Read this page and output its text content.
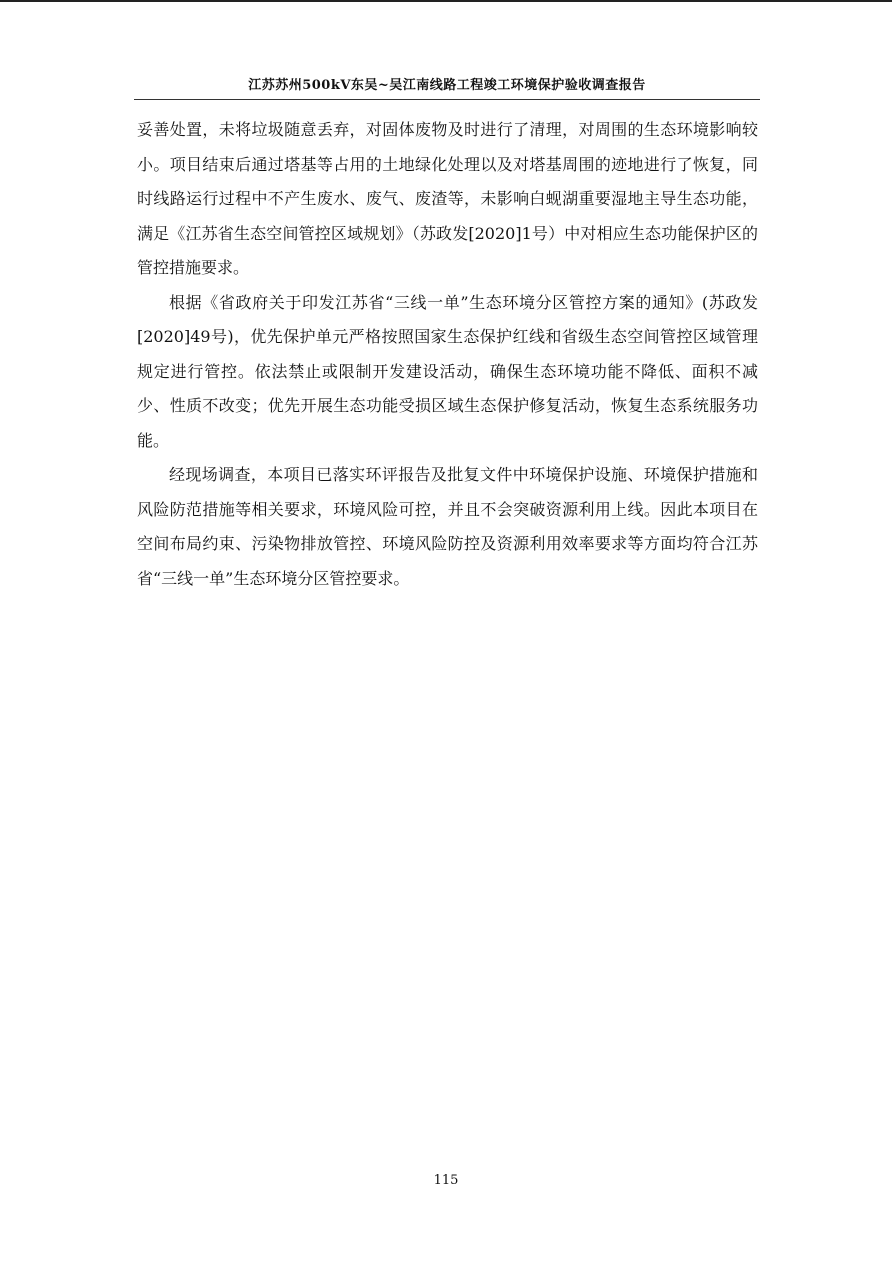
江苏苏州500kV东吴~吴江南线路工程竣工环境保护验收调查报告

妥善处置，未将垃圾随意丢弃，对固体废物及时进行了清理，对周围的生态环境影响较小。项目结束后通过塔基等占用的土地绿化处理以及对塔基周围的迹地进行了恢复，同时线路运行过程中不产生废水、废气、废渣等，未影响白蚬湖重要湿地主导生态功能，满足《江苏省生态空间管控区域规划》（苏政发[2020]1号）中对相应生态功能保护区的管控措施要求。

根据《省政府关于印发江苏省“三线一单”生态环境分区管控方案的通知》(苏政发[2020]49号)，优先保护单元严格按照国家生态保护红线和省级生态空间管控区域管理规定进行管控。依法禁止或限制开发建设活动，确保生态环境功能不降低、面积不减少、性质不改变；优先开展生态功能受损区域生态保护修复活动，恢复生态系统服务功能。

经现场调查，本项目已落实环评报告及批复文件中环境保护设施、环境保护措施和风险防范措施等相关要求，环境风险可控，并且不会突破资源利用上线。因此本项目在空间布局约束、污染物排放管控、环境风险防控及资源利用效率要求等方面均符合江苏省“三线一单”生态环境分区管控要求。

115
